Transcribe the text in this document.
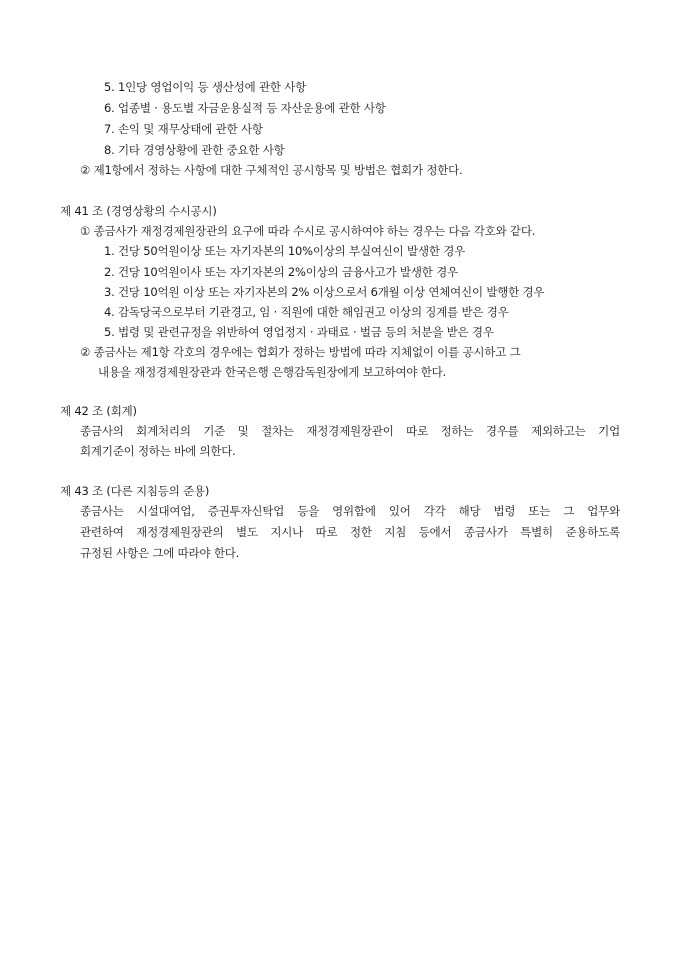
5. 1인당 영업이익 등 생산성에 관한 사항
6. 업종별 · 용도별 자금운용실적 등 자산운용에 관한 사항
7. 손익 및 재무상태에 관한 사항
8. 기타 경영상황에 관한 중요한 사항
② 제1항에서 정하는 사항에 대한 구체적인 공시항목 및 방법은 협회가 정한다.
제 41 조 (경영상황의 수시공시)
① 종금사가 재정경제원장관의 요구에 따라 수시로 공시하여야 하는 경우는 다음 각호와 같다.
1. 건당 50억원이상 또는 자기자본의 10%이상의 부실여신이 발생한 경우
2. 건당 10억원이사 또는 자기자본의 2%이상의 금융사고가 발생한 경우
3. 건당 10억원 이상 또는 자기자본의 2% 이상으로서 6개월 이상 연체여신이 발행한 경우
4. 감독당국으로부터 기관경고, 임 · 직원에 대한 해임권고 이상의 징계를 받은 경우
5. 법령 및 관련규정을 위반하여 영업정지 · 과태료 · 벌금 등의 처분을 받은 경우
② 종금사는 제1항 각호의 경우에는 협회가 정하는 방법에 따라 지체없이 이를 공시하고 그
내용을 재정경제원장관과 한국은행 은행감독원장에게 보고하여야 한다.
제 42 조 (회계)
종금사의 회계처리의 기준 및 절차는 재정경제원장관이 따로 정하는 경우를 제외하고는 기업
회계기준이 정하는 바에 의한다.
제 43 조 (다른 지침등의 준용)
종금사는 시설대여업, 증권투자신탁업 등을 영위함에 있어 각각 해당 법령 또는 그 업무와
관련하여 재정경제원장관의 별도 지시나 따로 정한 지침 등에서 종금사가 특별히 준용하도록
규정된 사항은 그에 따라야 한다.
